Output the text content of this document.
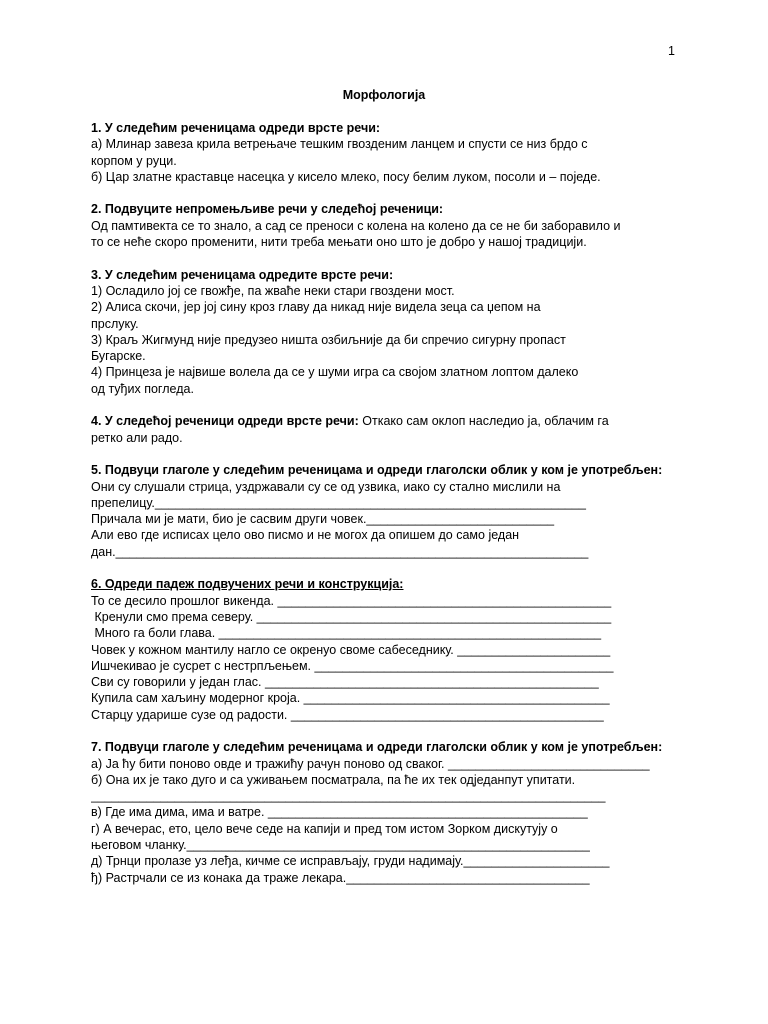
1
Морфологија
1. У следећим реченицама одреди врсте речи:
а) Млинар завеза крила ветрењаче тешким гвозденим ланцем и спусти се низ брдо с
корпом у руци.
б) Цар златне краставце насецка у кисело млеко, посу белим луком, посоли и – поједе.
2. Подвуците непромењљиве речи у следећој реченици:
Од памтивекта се то знало, а сад се преноси с колена на колено да се не би заборавило и
то се неће скоро променити, нити треба мењати оно што је добро у нашој традицији.
3. У следећим реченицама одредите врсте речи:
1) Осладило јој се гвожђе, па жваће неки стари гвоздени мост.
2) Алиса скочи, јер јој сину кроз главу да никад није видела зеца са џепом на
прслуку.
3) Краљ Жигмунд није предузео ништа озбиљније да би спречио сигурну пропаст
Бугарске.
4) Принцеза је највише волела да се у шуми игра са својом златном лоптом далеко
од туђих погледа.
4. У следећој реченици одреди врсте речи: Откако сам оклоп наследио ја, облачим га
ретко али радо.
5. Подвуци глаголе у следећим реченицама и одреди глаголски облик у ком је употребљен:
Они су слушали стрица, уздржавали су се од узвика, иако су стално мислили на
препелицу.______________________________________________________________
Причала ми је мати, био је сасвим други човек.___________________________
Али ево где исписах цело ово писмо и не могох да опишем до само један
дан.____________________________________________________________________
6. Одреди падеж подвучених речи и конструкција:
То се десило прошлог викенда. ________________________________________________
Кренули смо према северу. ___________________________________________________
Много га боли глава. _______________________________________________________
Човек у кожном мантилу нагло се окренуо своме сабеседнику. ______________________
Ишчекивао је сусрет с нестрпљењем. ___________________________________________
Сви су говорили у један глас. ________________________________________________
Купила сам хаљину модерног кроја. ____________________________________________
Старцу ударише сузе од радости. _____________________________________________
7. Подвуци глаголе у следећим реченицама и одреди глаголски облик у ком је употребљен:
а) Ја ћу бити поново овде и тражићу рачун поново од сваког. _____________________________
б) Она их је тако дуго и са уживањем посматрала, па ће их тек одједанпут упитати.
__________________________________________________________________________
в) Где има дима, има и ватре. ______________________________________________
г) А вечерас, ето, цело вече седе на капији и пред том истом Зорком дискутују о
његовом чланку.__________________________________________________________
д) Трнци пролазе уз леђа, кичме се исправљају, груди надимају._____________________
ђ) Растрчали се из конака да траже лекара.___________________________________
